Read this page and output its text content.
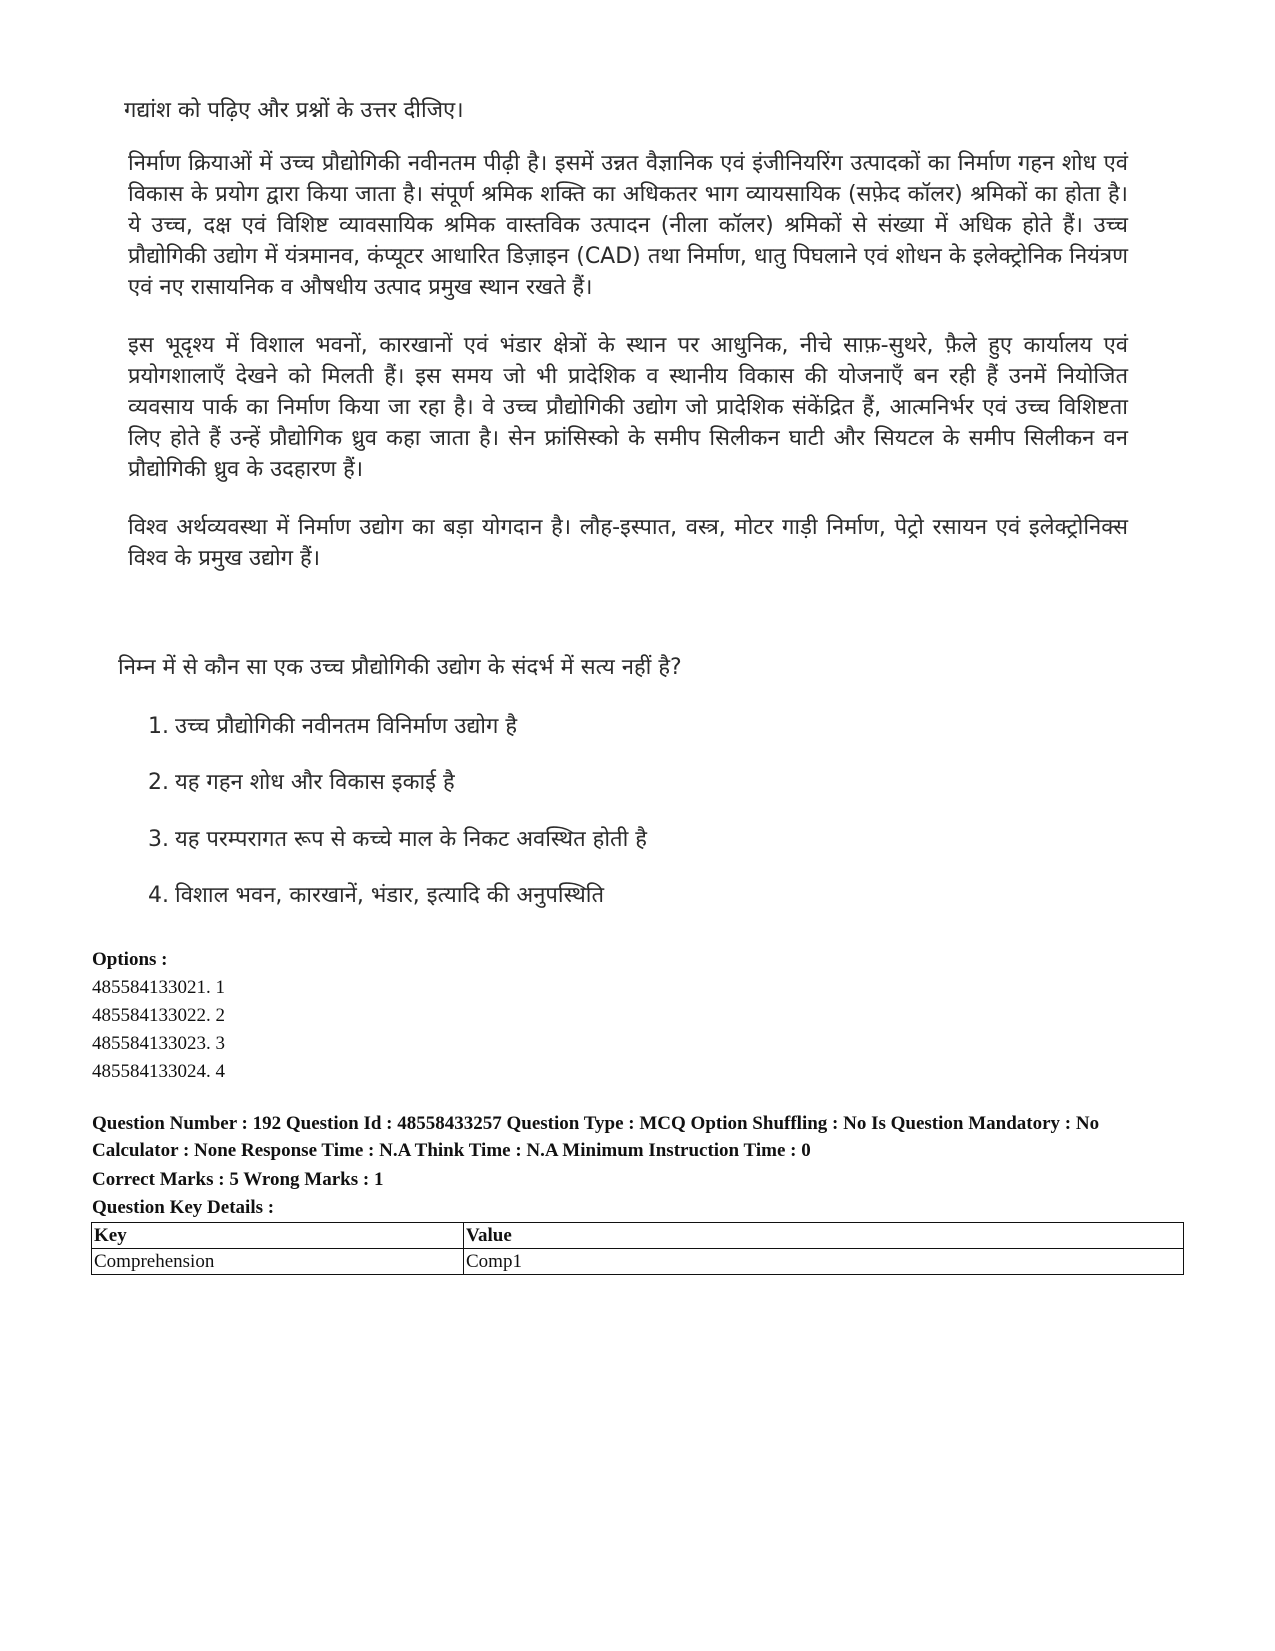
गद्यांश को पढ़िए और प्रश्नों के उत्तर दीजिए।

निर्माण क्रियाओं में उच्च प्रौद्योगिकी नवीनतम पीढ़ी है। इसमें उन्नत वैज्ञानिक एवं इंजीनियरिंग उत्पादकों का निर्माण गहन शोध एवं विकास के प्रयोग द्वारा किया जाता है। संपूर्ण श्रमिक शक्ति का अधिकतर भाग व्यायसायिक (सफ़ेद कॉलर) श्रमिकों का होता है। ये उच्च, दक्ष एवं विशिष्ट व्यावसायिक श्रमिक वास्तविक उत्पादन (नीला कॉलर) श्रमिकों से संख्या में अधिक होते हैं। उच्च प्रौद्योगिकी उद्योग में यंत्रमानव, कंप्यूटर आधारित डिज़ाइन (CAD) तथा निर्माण, धातु पिघलाने एवं शोधन के इलेक्ट्रोनिक नियंत्रण एवं नए रासायनिक व औषधीय उत्पाद प्रमुख स्थान रखते हैं।

इस भूदृश्य में विशाल भवनों, कारखानों एवं भंडार क्षेत्रों के स्थान पर आधुनिक, नीचे साफ़-सुथरे, फ़ैले हुए कार्यालय एवं प्रयोगशालाएँ देखने को मिलती हैं। इस समय जो भी प्रादेशिक व स्थानीय विकास की योजनाएँ बन रही हैं उनमें नियोजित व्यवसाय पार्क का निर्माण किया जा रहा है। वे उच्च प्रौद्योगिकी उद्योग जो प्रादेशिक संकेंद्रित हैं, आत्मनिर्भर एवं उच्च विशिष्टता लिए होते हैं उन्हें प्रौद्योगिक ध्रुव कहा जाता है। सेन फ्रांसिस्को के समीप सिलीकन घाटी और सियटल के समीप सिलीकन वन प्रौद्योगिकी ध्रुव के उदहारण हैं।

विश्व अर्थव्यवस्था में निर्माण उद्योग का बड़ा योगदान है। लौह-इस्पात, वस्त्र, मोटर गाड़ी निर्माण, पेट्रो रसायन एवं इलेक्ट्रोनिक्स विश्व के प्रमुख उद्योग हैं।

निम्न में से कौन सा एक उच्च प्रौद्योगिकी उद्योग के संदर्भ में सत्य नहीं है?

1. उच्च प्रौद्योगिकी नवीनतम विनिर्माण उद्योग है

2. यह गहन शोध और विकास इकाई है

3. यह परम्परागत रूप से कच्चे माल के निकट अवस्थित होती है

4. विशाल भवन, कारखानें, भंडार, इत्यादि की अनुपस्थिति

Options :
485584133021. 1
485584133022. 2
485584133023. 3
485584133024. 4
Question Number : 192 Question Id : 48558433257 Question Type : MCQ Option Shuffling : No Is Question Mandatory : No Calculator : None Response Time : N.A Think Time : N.A Minimum Instruction Time : 0
Correct Marks : 5 Wrong Marks : 1
Question Key Details :
Key	Value
Comprehension	Comp1
